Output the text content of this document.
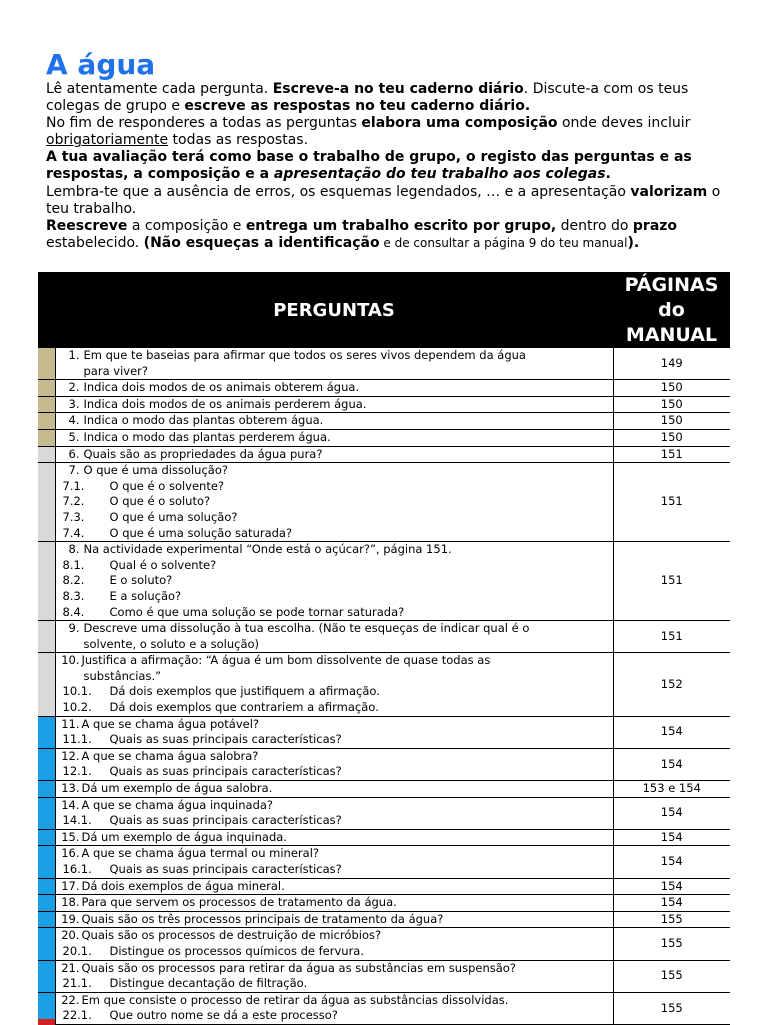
A água

Lê atentamente cada pergunta. Escreve-a no teu caderno diário. Discute-a com os teus colegas de grupo e escreve as respostas no teu caderno diário.

No fim de responderes a todas as perguntas elabora uma composição onde deves incluir obrigatoriamente todas as respostas.

A tua avaliação terá como base o trabalho de grupo, o registo das perguntas e as respostas, a composição e a apresentação do teu trabalho aos colegas.

Lembra-te que a ausência de erros, os esquemas legendados, … e a apresentação valorizam o teu trabalho.

Reescreve a composição e entrega um trabalho escrito por grupo, dentro do prazo estabelecido. (Não esqueças a identificação e de consultar a página 9 do teu manual).

	PERGUNTAS	PÁGINAS
do
MANUAL

	1. Em que te baseias para afirmar que todos os seres vivos dependem da água
para viver?	149

	2. Indica dois modos de os animais obterem água.	150

	3. Indica dois modos de os animais perderem água.	150

	4. Indica o modo das plantas obterem água.	150

	5. Indica o modo das plantas perderem água.	150

	6. Quais são as propriedades da água pura?	151

	7. O que é uma dissolução?
7.1. O que é o solvente?
7.2. O que é o soluto?
7.3. O que é uma solução?
7.4. O que é uma solução saturada?	151

	8. Na actividade experimental “Onde está o açúcar?”, página 151.
8.1. Qual é o solvente?
8.2. E o soluto?
8.3. E a solução?
8.4. Como é que uma solução se pode tornar saturada?	151

	9. Descreve uma dissolução à tua escolha. (Não te esqueças de indicar qual é o
solvente, o soluto e a solução)	151

	10. Justifica a afirmação: “A água é um bom dissolvente de quase todas as
substâncias.”
10.1. Dá dois exemplos que justifiquem a afirmação.
10.2. Dá dois exemplos que contrariem a afirmação.	152

	11. A que se chama água potável?
11.1. Quais as suas principais características?	154

	12. A que se chama água salobra?
12.1. Quais as suas principais características?	154

	13. Dá um exemplo de água salobra.	153 e 154

	14. A que se chama água inquinada?
14.1. Quais as suas principais características?	154

	15. Dá um exemplo de água inquinada.	154

	16. A que se chama água termal ou mineral?
16.1. Quais as suas principais características?	154

	17. Dá dois exemplos de água mineral.	154

	18. Para que servem os processos de tratamento da água.	154

	19. Quais são os três processos principais de tratamento da água?	155

	20. Quais são os processos de destruição de micróbios?
20.1. Distingue os processos químicos de fervura.	155

	21. Quais são os processos para retirar da água as substâncias em suspensão?
21.1. Distingue decantação de filtração.	155

	22. Em que consiste o processo de retirar da água as substâncias dissolvidas.
22.1. Que outro nome se dá a este processo?	155
